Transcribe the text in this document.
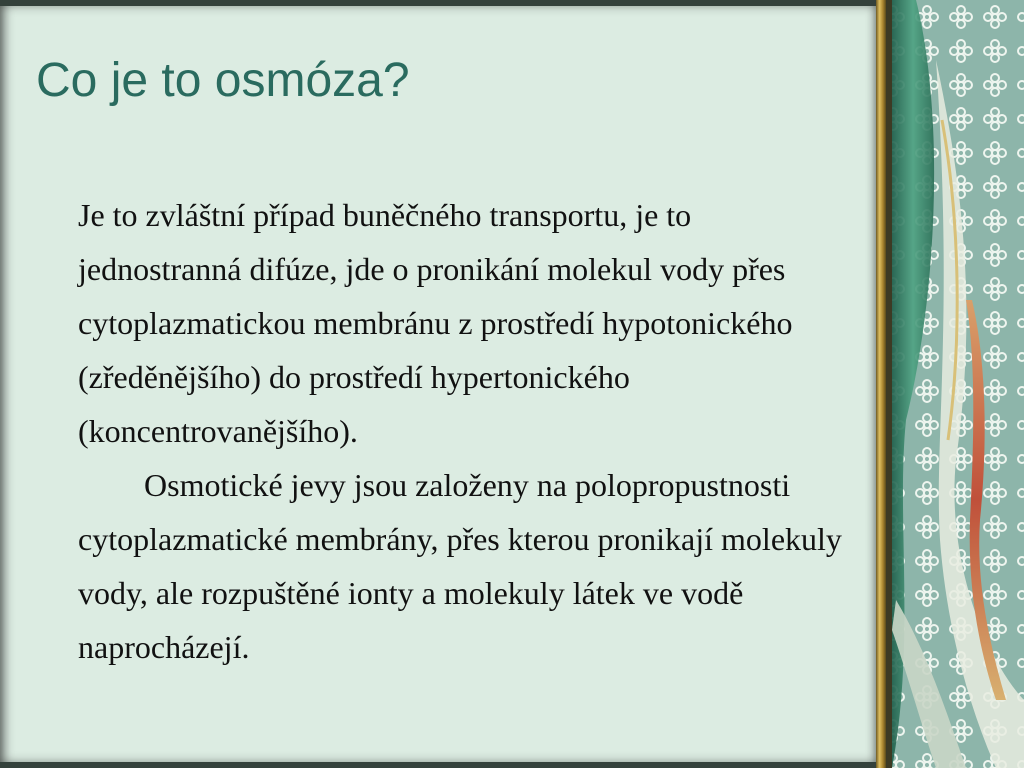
Co je to osmóza?

Je to zvláštní případ buněčného transportu, je to jednostranná difúze, jde o pronikání molekul vody přes cytoplazmatickou membránu z prostředí hypotonického (zředěnějšího) do prostředí hypertonického (koncentrovanějšího).

Osmotické jevy jsou založeny na polopropustnosti cytoplazmatické membrány, přes kterou pronikají molekuly vody, ale rozpuštěné ionty a molekuly látek ve vodě naprocházejí.
